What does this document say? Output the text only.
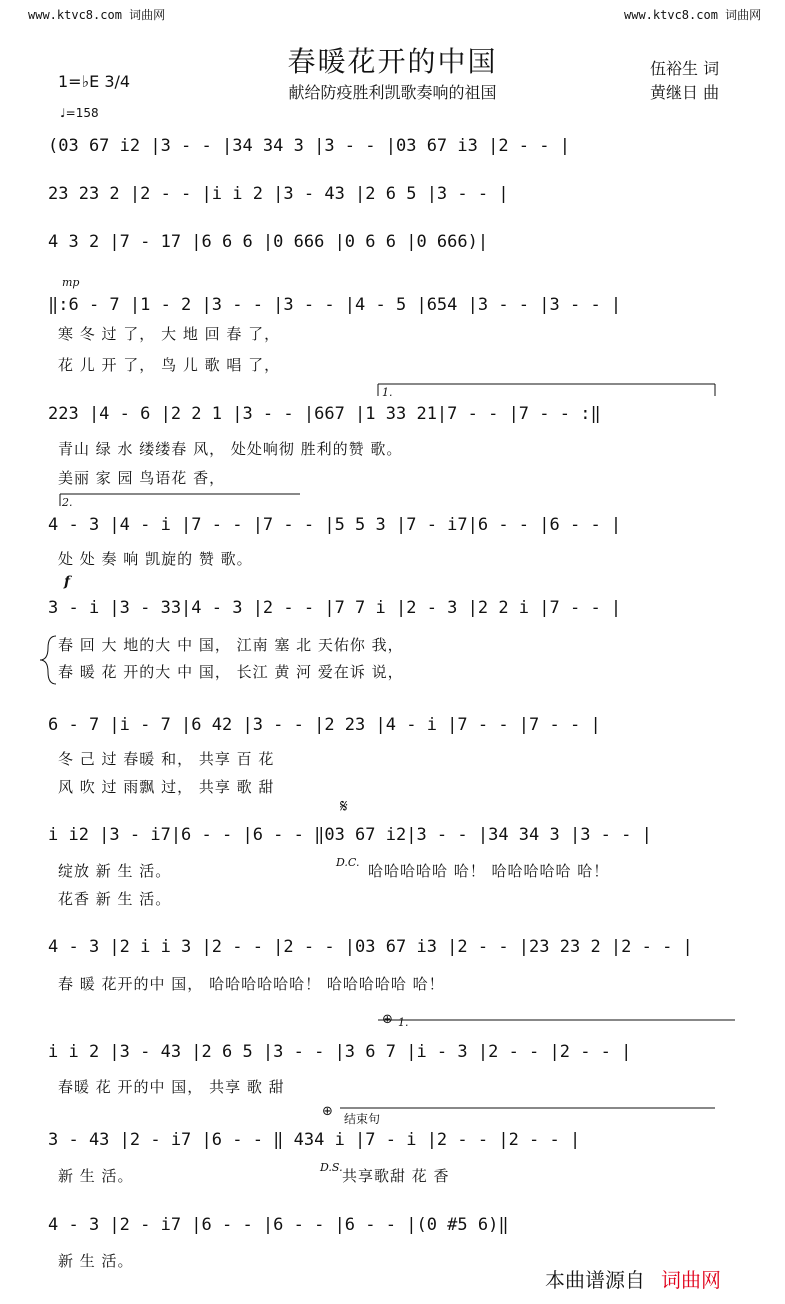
www.ktvc8.com 词曲网	www.ktvc8.com 词曲网
春暖花开的中国
献给防疫胜利凯歌奏响的祖国
伍裕生 词
黄继日 曲
1=♭E 3/4
♩=158
mp
f
1.
2.
⊕ 1.
⊕ 结束句
𝄋
D.C. 哈哈哈哈哈 哈！ 哈哈哈哈哈 哈！
D.S. 共享歌甜 花 香
(03 67 i2 |3 - - |34 34 3 |3 - - |03 67 i3 |2 - - |
23 23 2 |2 - - |i i 2 |3 - 43 |2 6 5 |3 - - |
4 3 2 |7 - 17 |6 6 6 |0 666 |0 6 6 |0 666)|
‖:6 - 7 |1 - 2 |3 - - |3 - - |4 - 5 |654 |3 - - |3 - - |
223 |4 - 6 |2 2 1 |3 - - |667 |1 33 21|7 - - |7 - - :‖
4 - 3 |4 - i |7 - - |7 - - |5 5 3 |7 - i7|6 - - |6 - - |
3 - i |3 - 33|4 - 3 |2 - - |7 7 i |2 - 3 |2 2 i |7 - - |
6 - 7 |i - 7 |6 42 |3 - - |2 23 |4 - i |7 - - |7 - - |
i i2 |3 - i7|6 - - |6 - - ‖03 67 i2|3 - - |34 34 3 |3 - - |
4 - 3 |2 i i 3 |2 - - |2 - - |03 67 i3 |2 - - |23 23 2 |2 - - |
i i 2 |3 - 43 |2 6 5 |3 - - |3 6 7 |i - 3 |2 - - |2 - - |
3 - 43 |2 - i7 |6 - - ‖ 434 i |7 - i |2 - - |2 - - |
4 - 3 |2 - i7 |6 - - |6 - - |6 - - |(0 #5 6)‖
寒 冬 过 了， 大 地 回 春 了，
花 儿 开 了， 鸟 儿 歌 唱 了，
青山 绿 水 缕缕春 风， 处处响彻 胜利的赞 歌。
美丽 家 园 鸟语花 香，
处 处 奏 响 凯旋的 赞 歌。
春 回 大 地的大 中 国， 江南 塞 北 天佑你 我，
春 暖 花 开的大 中 国， 长江 黄 河 爱在诉 说，
冬 己 过 春暖 和， 共享 百 花
风 吹 过 雨飘 过， 共享 歌 甜
绽放 新 生 活。
花香 新 生 活。
春 暖 花开的中 国， 哈哈哈哈哈哈！ 哈哈哈哈哈 哈！
春暖 花 开的中 国， 共享 歌 甜
新 生 活。
新 生 活。
本曲谱源自 词曲网
